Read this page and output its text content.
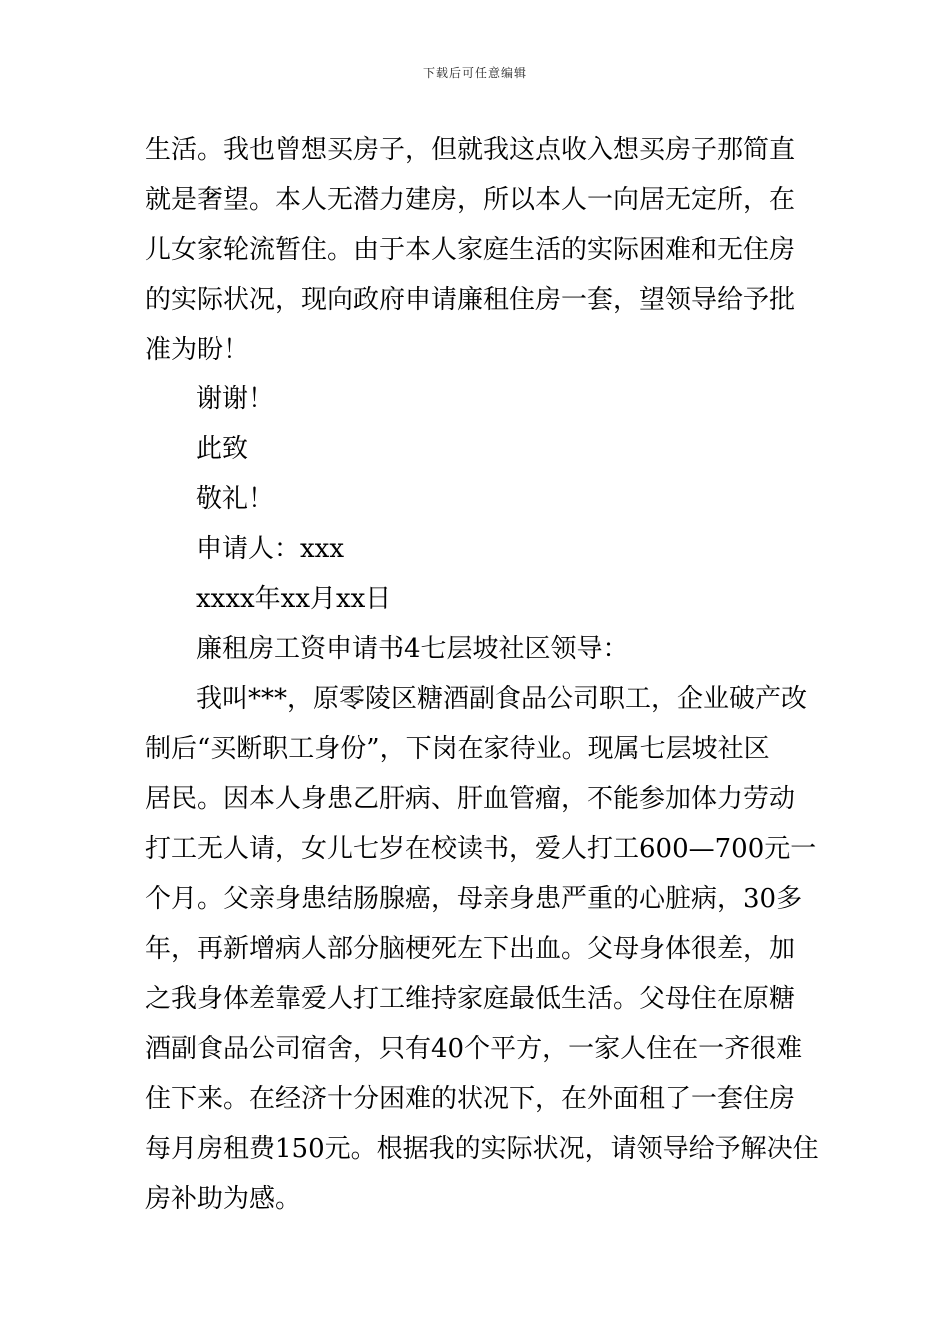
下载后可任意编辑
生活。我也曾想买房子，但就我这点收入想买房子那简直
就是奢望。本人无潜力建房，所以本人一向居无定所，在
儿女家轮流暂住。由于本人家庭生活的实际困难和无住房
的实际状况，现向政府申请廉租住房一套，望领导给予批
准为盼！
谢谢！
此致
敬礼！
申请人：xxx
xxxx年xx月xx日
廉租房工资申请书4七层坡社区领导：
我叫***，原零陵区糖酒副食品公司职工，企业破产改
制后“买断职工身份”，下岗在家待业。现属七层坡社区
居民。因本人身患乙肝病、肝血管瘤，不能参加体力劳动
打工无人请，女儿七岁在校读书，爱人打工600—700元一
个月。父亲身患结肠腺癌，母亲身患严重的心脏病，30多
年，再新增病人部分脑梗死左下出血。父母身体很差，加
之我身体差靠爱人打工维持家庭最低生活。父母住在原糖
酒副食品公司宿舍，只有40个平方，一家人住在一齐很难
住下来。在经济十分困难的状况下，在外面租了一套住房
每月房租费150元。根据我的实际状况，请领导给予解决住
房补助为感。
